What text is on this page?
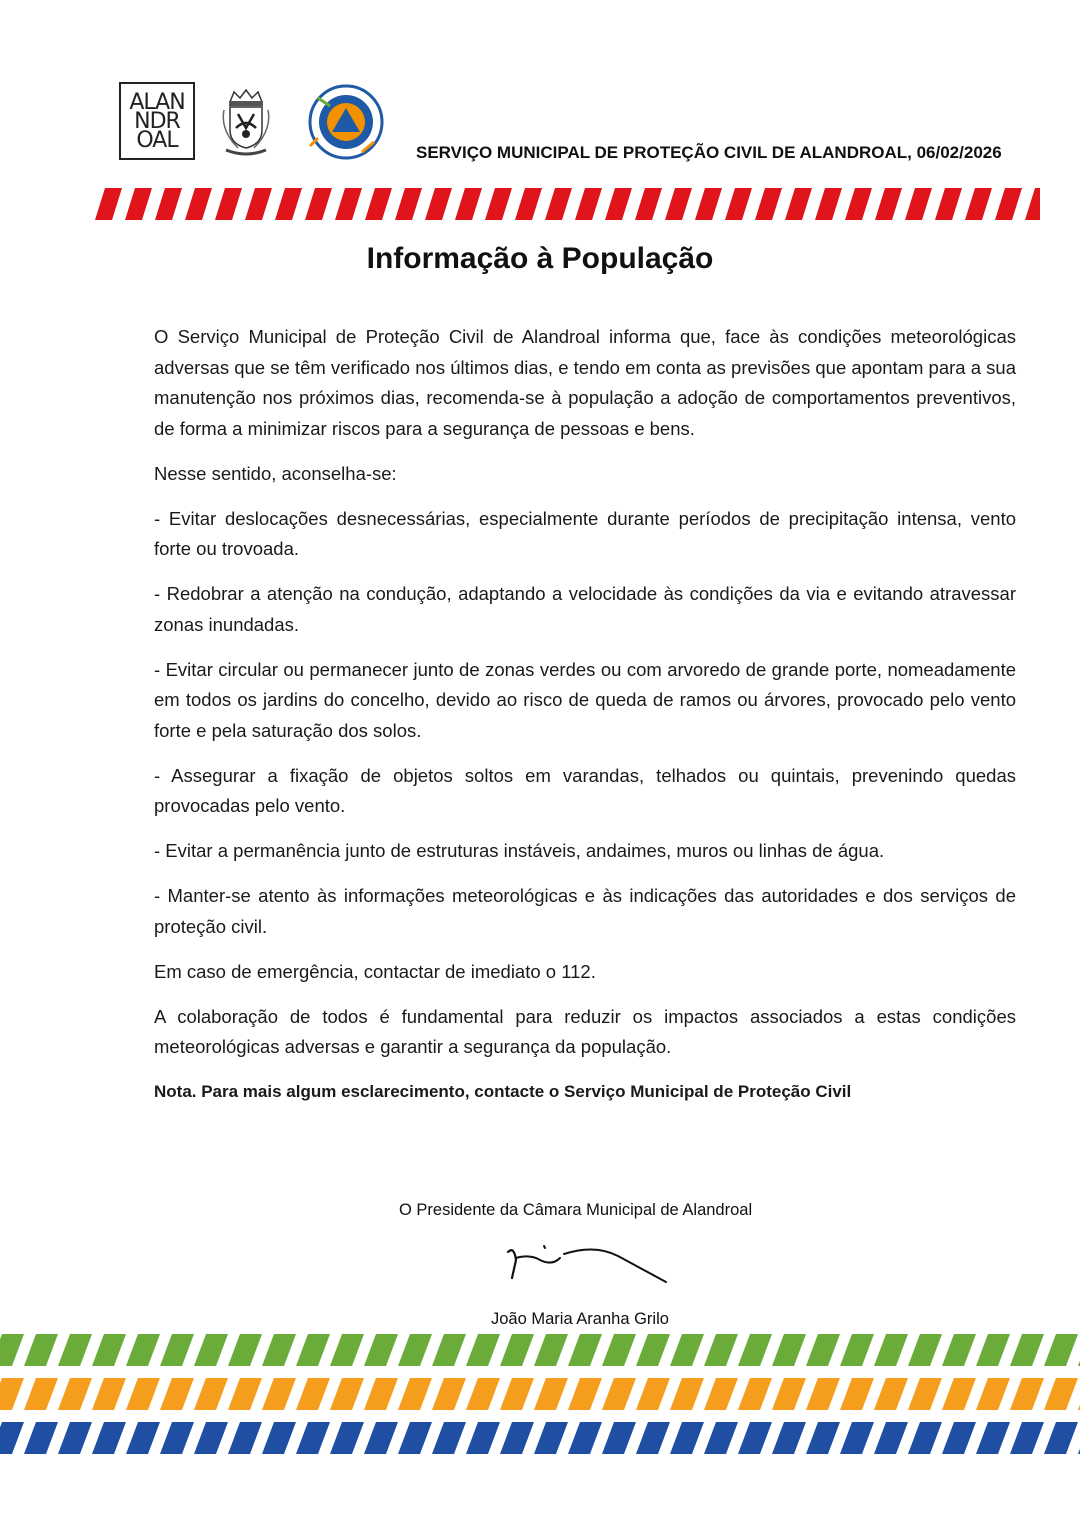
ALAN
NDR
OAL	SERVIÇO MUNICIPAL DE PROTEÇÃO CIVIL DE ALANDROAL, 06/02/2026
Informação à População

O Serviço Municipal de Proteção Civil de Alandroal informa que, face às condições meteorológicas adversas que se têm verificado nos últimos dias, e tendo em conta as previsões que apontam para a sua manutenção nos próximos dias, recomenda-se à população a adoção de comportamentos preventivos, de forma a minimizar riscos para a segurança de pessoas e bens.

Nesse sentido, aconselha-se:

- Evitar deslocações desnecessárias, especialmente durante períodos de precipitação intensa, vento forte ou trovoada.

- Redobrar a atenção na condução, adaptando a velocidade às condições da via e evitando atravessar zonas inundadas.

- Evitar circular ou permanecer junto de zonas verdes ou com arvoredo de grande porte, nomeadamente em todos os jardins do concelho, devido ao risco de queda de ramos ou árvores, provocado pelo vento forte e pela saturação dos solos.

- Assegurar a fixação de objetos soltos em varandas, telhados ou quintais, prevenindo quedas provocadas pelo vento.

- Evitar a permanência junto de estruturas instáveis, andaimes, muros ou linhas de água.

- Manter-se atento às informações meteorológicas e às indicações das autoridades e dos serviços de proteção civil.

Em caso de emergência, contactar de imediato o 112.

A colaboração de todos é fundamental para reduzir os impactos associados a estas condições meteorológicas adversas e garantir a segurança da população.

Nota. Para mais algum esclarecimento, contacte o Serviço Municipal de Proteção Civil

O Presidente da Câmara Municipal de Alandroal
João Maria Aranha Grilo
